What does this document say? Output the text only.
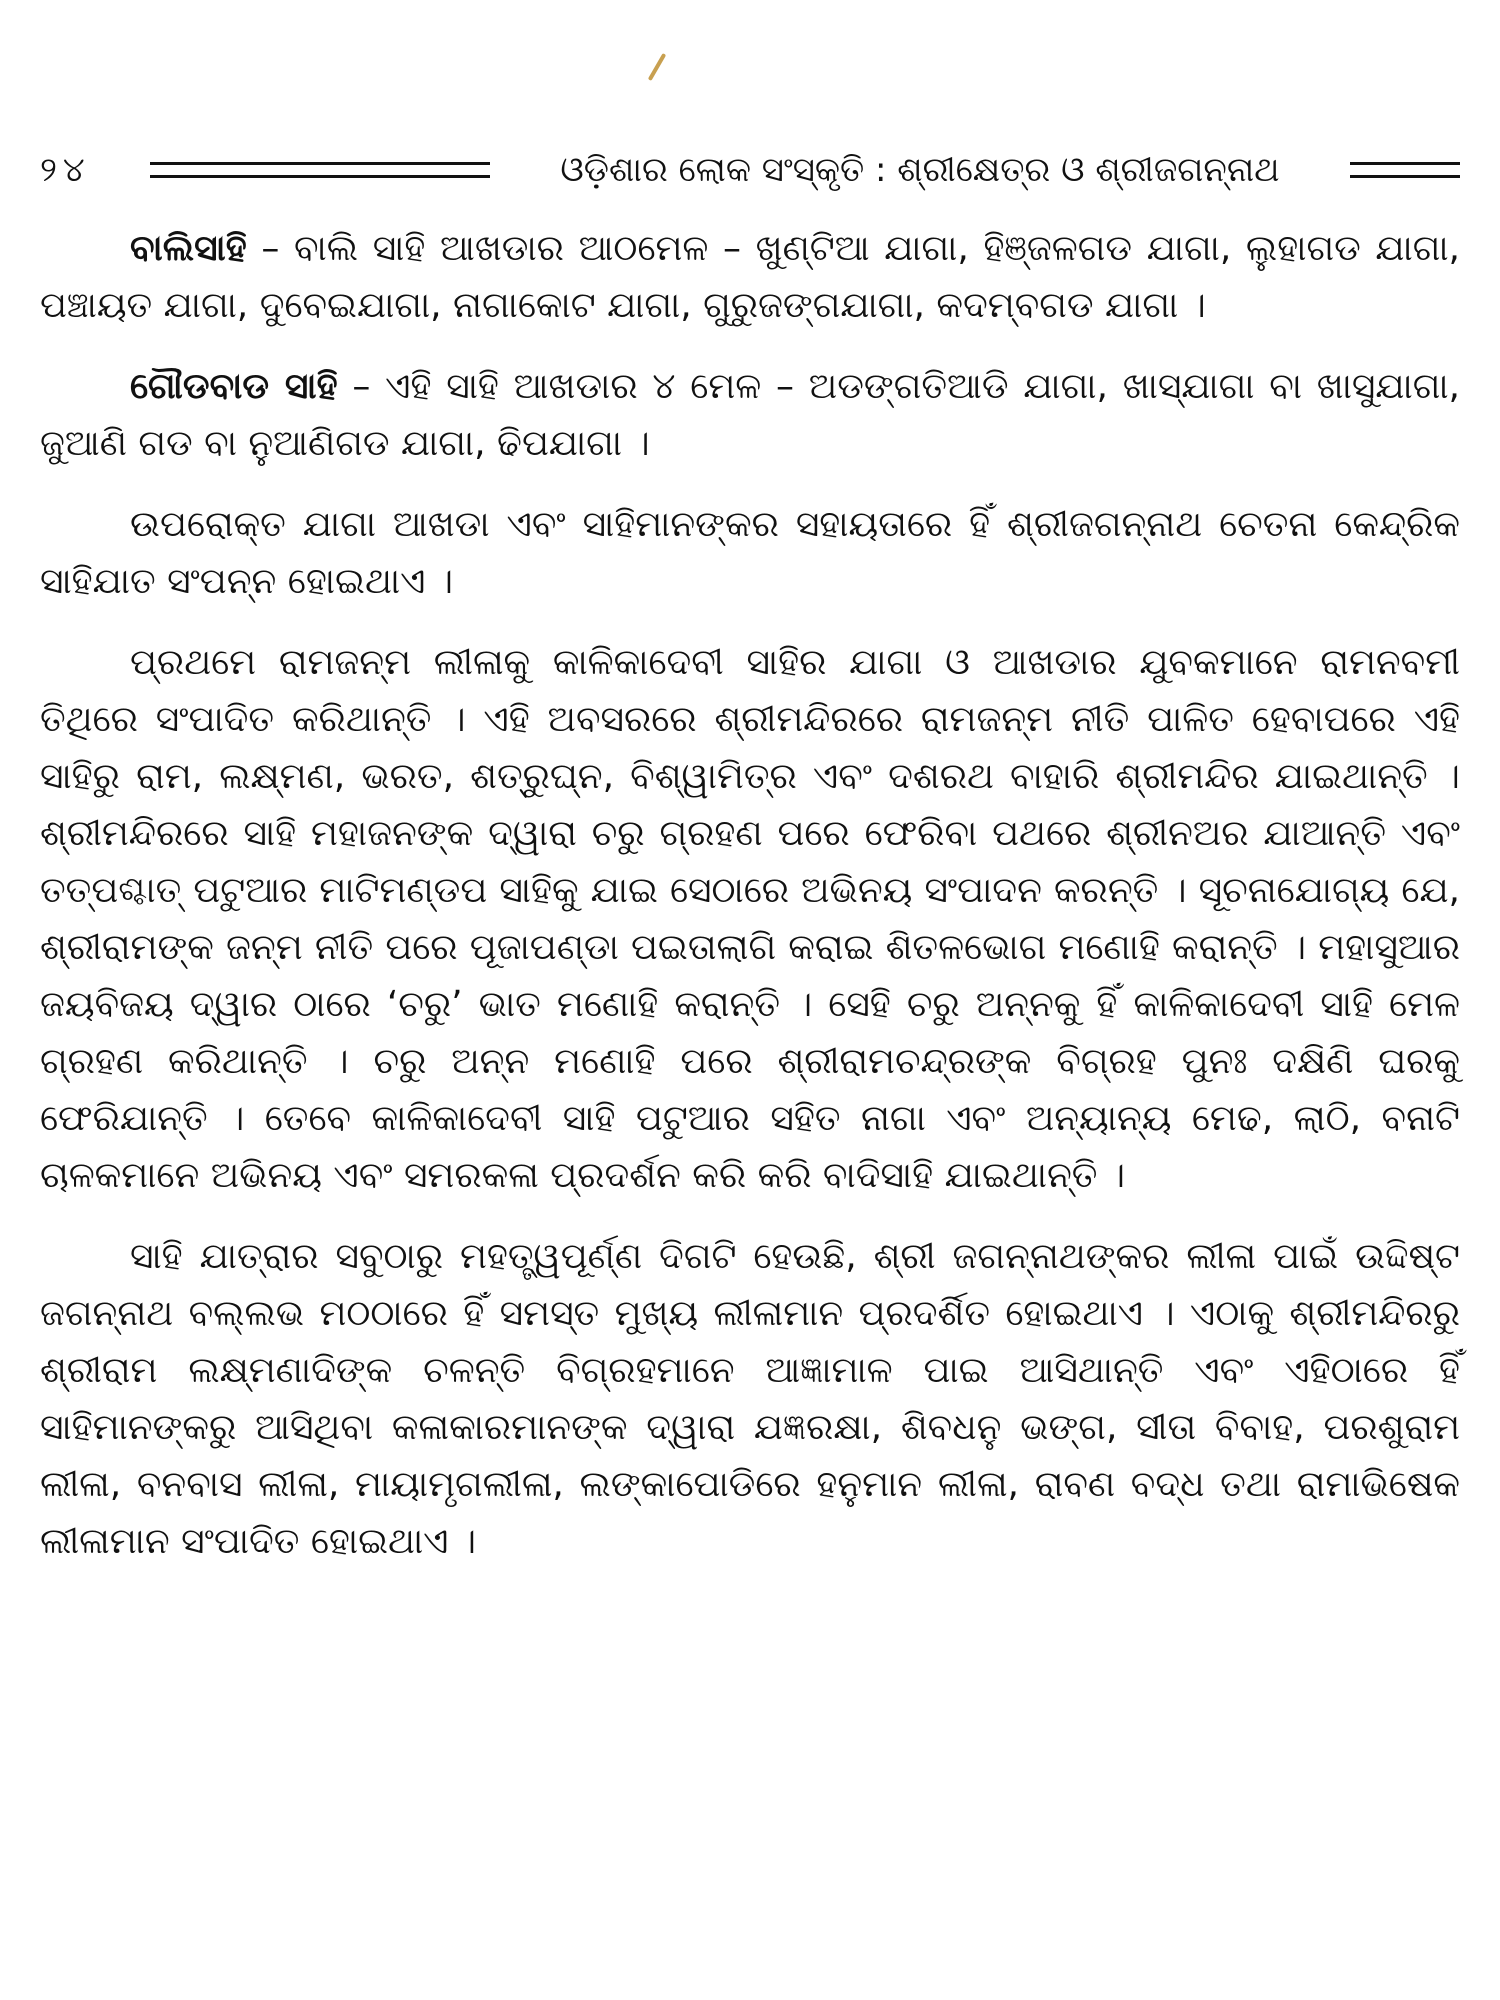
୨୪	ଓଡ଼ିଶାର ଲୋକ ସଂସ୍କୃତି : ଶ୍ରୀକ୍ଷେତ୍ର ଓ ଶ୍ରୀଜଗନ୍ନାଥ

ବାଲିସାହି – ବାଲି ସାହି ଆଖଡାର ଆଠମେଳ – ଖୁଣ୍ଟିଆ ଯାଗା, ହିଞ୍ଜଳଗଡ ଯାଗା, ଲୁହାଗଡ ଯାଗା, ପଞ୍ଚାୟତ ଯାଗା, ଦୁବେଇଯାଗା, ନାଗାକୋଟ ଯାଗା, ଗୁରୁଜଙ୍ଗଯାଗା, କଦମ୍ବଗଡ ଯାଗା ।

ଗୌଡବାଡ ସାହି – ଏହି ସାହି ଆଖଡାର ୪ ମେଳ – ଅଡଙ୍ଗତିଆଡି ଯାଗା, ଖାସ୍‌ଯାଗା ବା ଖାସୁଯାଗା, ଜୁଆଣି ଗଡ ବା ନୁଆଣିଗଡ ଯାଗା, ଢିପଯାଗା ।

ଉପରୋକ୍ତ ଯାଗା ଆଖଡା ଏବଂ ସାହିମାନଙ୍କର ସହାୟତାରେ ହିଁ ଶ୍ରୀଜଗନ୍ନାଥ ଚେତନା କେନ୍ଦ୍ରିକ ସାହିଯାତ ସଂପନ୍ନ ହୋଇଥାଏ ।

ପ୍ରଥମେ ରାମଜନ୍ମ ଲୀଳାକୁ କାଳିକାଦେବୀ ସାହିର ଯାଗା ଓ ଆଖଡାର ଯୁବକମାନେ ରାମନବମୀ ତିଥିରେ ସଂପାଦିତ କରିଥାନ୍ତି । ଏହି ଅବସରରେ ଶ୍ରୀମନ୍ଦିରରେ ରାମଜନ୍ମ ନୀତି ପାଳିତ ହେବାପରେ ଏହି ସାହିରୁ ରାମ, ଲକ୍ଷ୍ମଣ, ଭରତ, ଶତ୍ରୁଘ୍ନ, ବିଶ୍ୱାମିତ୍ର ଏବଂ ଦଶରଥ ବାହାରି ଶ୍ରୀମନ୍ଦିର ଯାଇଥାନ୍ତି । ଶ୍ରୀମନ୍ଦିରରେ ସାହି ମହାଜନଙ୍କ ଦ୍ୱାରା ଚରୁ ଗ୍ରହଣ ପରେ ଫେରିବା ପଥରେ ଶ୍ରୀନଅର ଯାଆନ୍ତି ଏବଂ ତତ୍‌ପଶ୍ଚାତ୍ ପଟୁଆର ମାଟିମଣ୍ଡପ ସାହିକୁ ଯାଇ ସେଠାରେ ଅଭିନୟ ସଂପାଦନ କରନ୍ତି । ସୂଚନାଯୋଗ୍ୟ ଯେ, ଶ୍ରୀରାମଙ୍କ ଜନ୍ମ ନୀତି ପରେ ପୂଜାପଣ୍ଡା ପଇତାଲାଗି କରାଇ ଶିତଳଭୋଗ ମଣୋହି କରାନ୍ତି । ମହାସୁଆର ଜୟବିଜୟ ଦ୍ୱାର ଠାରେ ‘ଚରୁ’ ଭାତ ମଣୋହି କରାନ୍ତି । ସେହି ଚରୁ ଅନ୍ନକୁ ହିଁ କାଳିକାଦେବୀ ସାହି ମେଳ ଗ୍ରହଣ କରିଥାନ୍ତି । ଚରୁ ଅନ୍ନ ମଣୋହି ପରେ ଶ୍ରୀରାମଚନ୍ଦ୍ରଙ୍କ ବିଗ୍ରହ ପୁନଃ ଦକ୍ଷିଣି ଘରକୁ ଫେରିଯାନ୍ତି । ତେବେ କାଳିକାଦେବୀ ସାହି ପଟୁଆର ସହିତ ନାଗା ଏବଂ ଅନ୍ୟାନ୍ୟ ମେଢ, ଲାଠି, ବନାଟି ଚାଳକମାନେ ଅଭିନୟ ଏବଂ ସମରକଳା ପ୍ରଦର୍ଶନ କରି କରି ବାଦିସାହି ଯାଇଥାନ୍ତି ।

ସାହି ଯାତ୍ରାର ସବୁଠାରୁ ମହତ୍ତ୍ୱପୂର୍ଣ୍ଣ ଦିଗଟି ହେଉଛି, ଶ୍ରୀ ଜଗନ୍ନାଥଙ୍କର ଲୀଳା ପାଇଁ ଉଦ୍ଦିଷ୍ଟ ଜଗନ୍ନାଥ ବଲ୍ଲଭ ମଠଠାରେ ହିଁ ସମସ୍ତ ମୁଖ୍ୟ ଲୀଳାମାନ ପ୍ରଦର୍ଶିତ ହୋଇଥାଏ । ଏଠାକୁ ଶ୍ରୀମନ୍ଦିରରୁ ଶ୍ରୀରାମ ଲକ୍ଷ୍ମଣାଦିଙ୍କ ଚଳନ୍ତି ବିଗ୍ରହମାନେ ଆଜ୍ଞାମାଳ ପାଇ ଆସିଥାନ୍ତି ଏବଂ ଏହିଠାରେ ହିଁ ସାହିମାନଙ୍କରୁ ଆସିଥିବା କଳାକାରମାନଙ୍କ ଦ୍ୱାରା ଯଜ୍ଞରକ୍ଷା, ଶିବଧନୁ ଭଙ୍ଗ, ସୀତା ବିବାହ, ପରଶୁରାମ ଲୀଳା, ବନବାସ ଲୀଳା, ମାୟାମୃଗଲୀଳା, ଲଙ୍କାପୋଡିରେ ହନୁମାନ ଲୀଳା, ରାବଣ ବଦ୍ଧ ତଥା ରାମାଭିଷେକ ଲୀଳାମାନ ସଂପାଦିତ ହୋଇଥାଏ ।
